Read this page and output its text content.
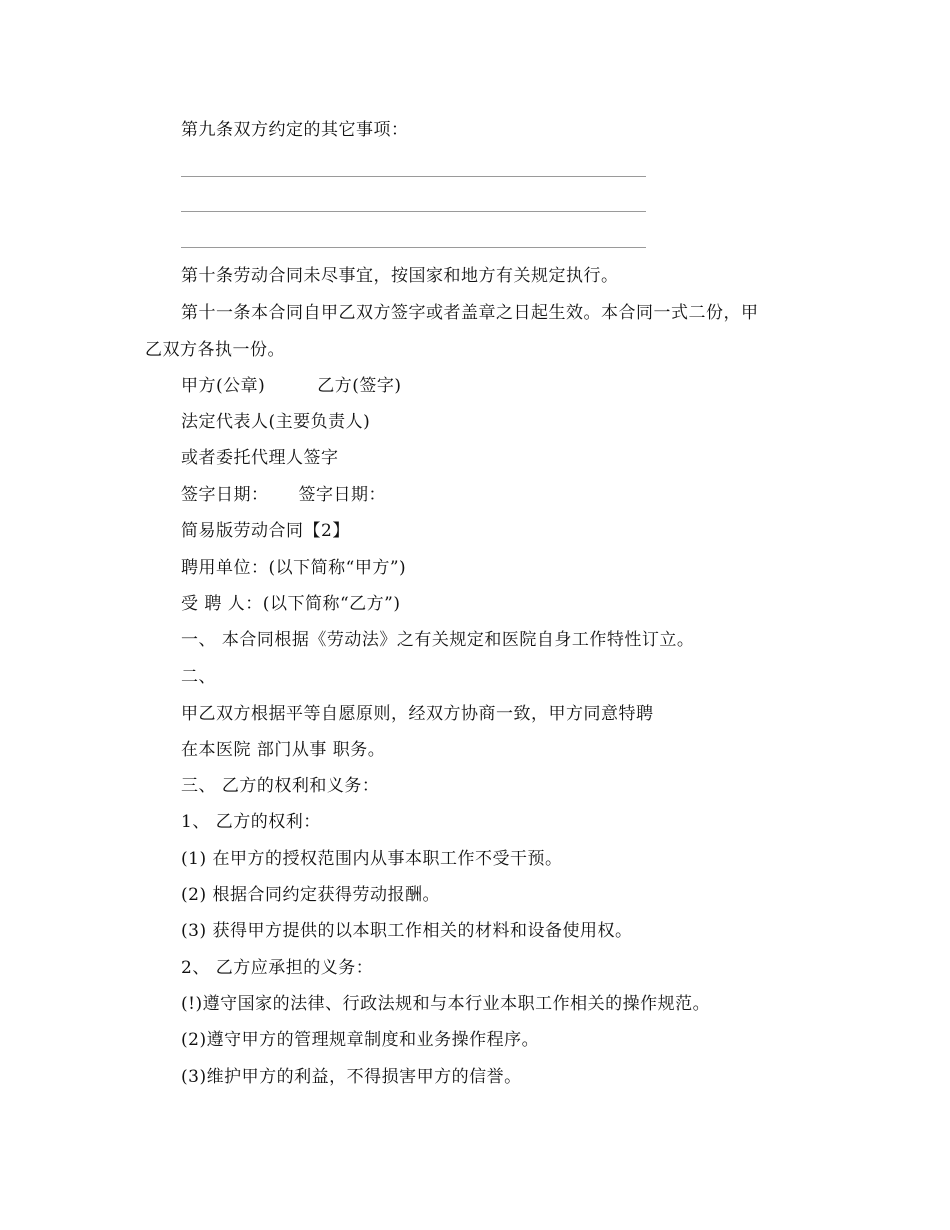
第九条双方约定的其它事项：
第十条劳动合同未尽事宜，按国家和地方有关规定执行。
第十一条本合同自甲乙双方签字或者盖章之日起生效。本合同一式二份，甲
乙双方各执一份。
甲方(公章)	乙方(签字)
法定代表人(主要负责人)
或者委托代理人签字
签字日期： 签字日期：
简易版劳动合同【2】
聘用单位：(以下简称“甲方”)
受 聘 人：(以下简称“乙方”)
一、 本合同根据《劳动法》之有关规定和医院自身工作特性订立。
二、
甲乙双方根据平等自愿原则，经双方协商一致，甲方同意特聘
在本医院 部门从事 职务。
三、 乙方的权利和义务：
1、 乙方的权利：
(1) 在甲方的授权范围内从事本职工作不受干预。
(2) 根据合同约定获得劳动报酬。
(3) 获得甲方提供的以本职工作相关的材料和设备使用权。
2、 乙方应承担的义务：
(!)遵守国家的法律、行政法规和与本行业本职工作相关的操作规范。
(2)遵守甲方的管理规章制度和业务操作程序。
(3)维护甲方的利益，不得损害甲方的信誉。
